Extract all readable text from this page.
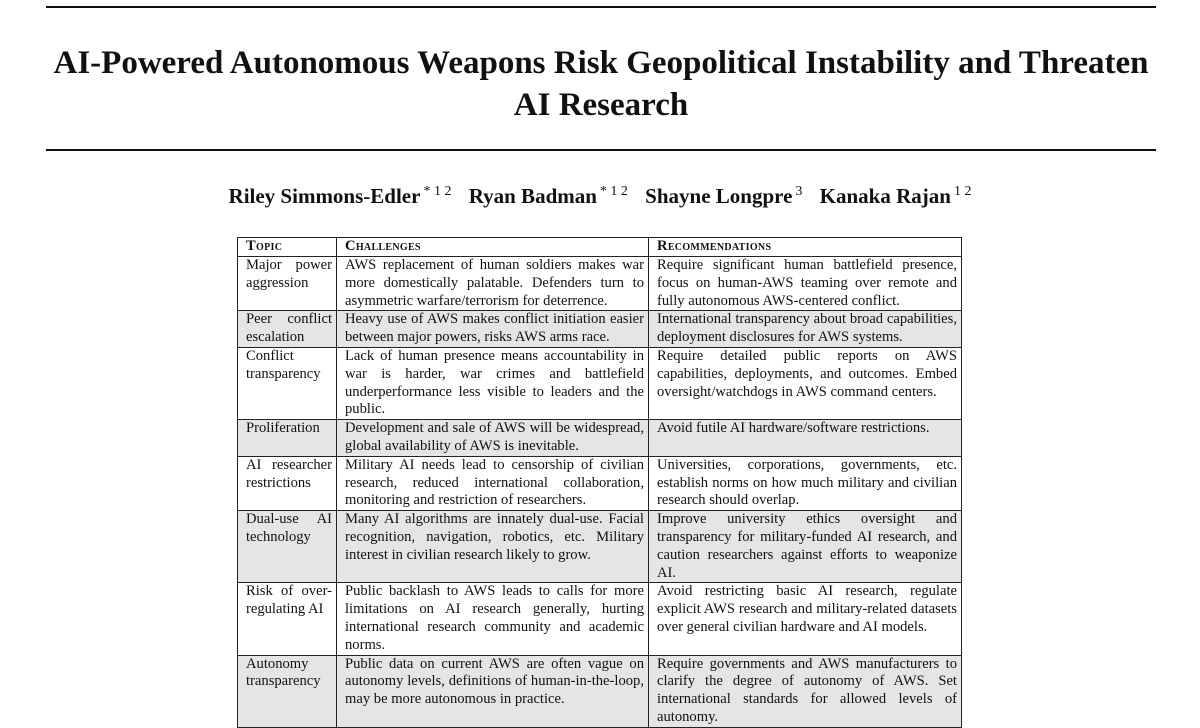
AI-Powered Autonomous Weapons Risk Geopolitical Instability and Threaten AI Research
Riley Simmons-Edler $^{* 1 2}$ Ryan Badman $^{* 1 2}$ Shayne Longpre $^3$ Kanaka Rajan $^{1 2}$
Topic	Challenges	Recommendations
Major power aggression	AWS replacement of human soldiers makes war more domestically palatable. Defenders turn to asymmetric warfare/terrorism for deterrence.	Require significant human battlefield presence, focus on human-AWS teaming over remote and fully autonomous AWS-centered conflict.
Peer conflict escalation	Heavy use of AWS makes conflict initiation easier between major powers, risks AWS arms race.	International transparency about broad capabilities, deployment disclosures for AWS systems.
Conflict transparency	Lack of human presence means accountability in war is harder, war crimes and battlefield underperformance less visible to leaders and the public.	Require detailed public reports on AWS capabilities, deployments, and outcomes. Embed oversight/watchdogs in AWS command centers.
Proliferation	Development and sale of AWS will be widespread, global availability of AWS is inevitable.	Avoid futile AI hardware/software restrictions.
AI researcher restrictions	Military AI needs lead to censorship of civilian research, reduced international collaboration, monitoring and restriction of researchers.	Universities, corporations, governments, etc. establish norms on how much military and civilian research should overlap.
Dual-use AI technology	Many AI algorithms are innately dual-use. Facial recognition, navigation, robotics, etc. Military interest in civilian research likely to grow.	Improve university ethics oversight and transparency for military-funded AI research, and caution researchers against efforts to weaponize AI.
Risk of over-regulating AI	Public backlash to AWS leads to calls for more limitations on AI research generally, hurting international research community and academic norms.	Avoid restricting basic AI research, regulate explicit AWS research and military-related datasets over general civilian hardware and AI models.
Autonomy transparency	Public data on current AWS are often vague on autonomy levels, definitions of human-in-the-loop, may be more autonomous in practice.	Require governments and AWS manufacturers to clarify the degree of autonomy of AWS. Set international standards for allowed levels of autonomy.
